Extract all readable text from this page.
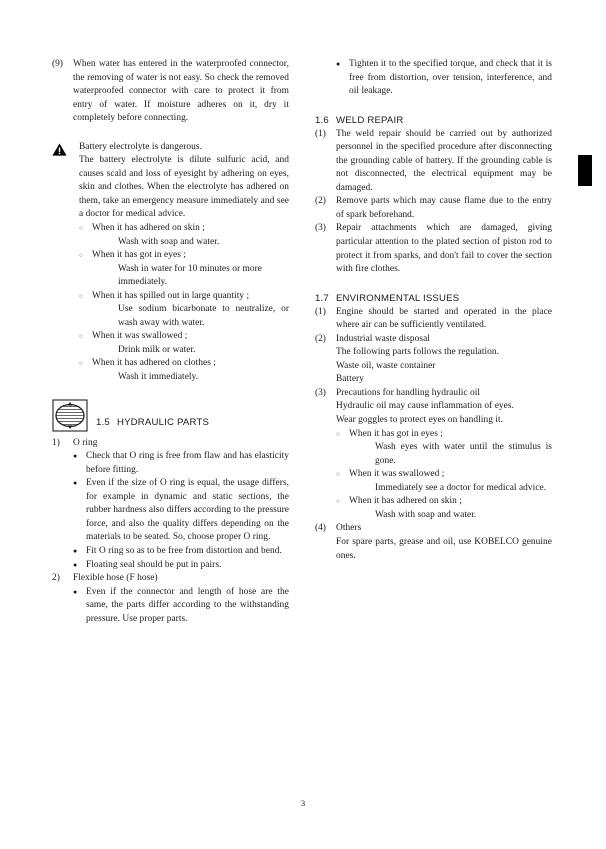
(9)	When water has entered in the waterproofed connector, the removing of water is not easy. So check the removed waterproofed connector with care to protect it from entry of water. If moisture adheres on it, dry it completely before connecting.

Battery electrolyte is dangerous.

The battery electrolyte is dilute sulfuric acid, and causes scald and loss of eyesight by adhering on eyes, skin and clothes. When the electrolyte has adhered on them, take an emergency measure immediately and see a doctor for medical advice.

○ When it has adhered on skin ;

Wash with soap and water.

○ When it has got in eyes ;

Wash in water for 10 minutes or more immediately.

○ When it has spilled out in large quantity ;

Use sodium bicarbonate to neutralize, or wash away with water.

○ When it was swallowed ;

Drink milk or water.

○ When it has adhered on clothes ;

Wash it immediately.

1.5 HYDRAULIC PARTS
1)	O ring

● Check that O ring is free from flaw and has elasticity before fitting.

● Even if the size of O ring is equal, the usage differs, for example in dynamic and static sections, the rubber hardness also differs according to the pressure force, and also the quality differs depending on the materials to be seated. So, choose proper O ring.

● Fit O ring so as to be free from distortion and bend.

● Floating seal should be put in pairs.

2)	Flexible hose (F hose)

● Even if the connector and length of hose are the same, the parts differ according to the withstanding pressure. Use proper parts.

● Tighten it to the specified torque, and check that it is free from distortion, over tension, interference, and oil leakage.

1.6 WELD REPAIR
(1)	The weld repair should be carried out by authorized personnel in the specified procedure after disconnecting the grounding cable of battery. If the grounding cable is not disconnected, the electrical equipment may be damaged.

(2)	Remove parts which may cause flame due to the entry of spark beforehand.

(3)	Repair attachments which are damaged, giving particular attention to the plated section of piston rod to protect it from sparks, and don't fail to cover the section with fire clothes.

1.7 ENVIRONMENTAL ISSUES
(1)	Engine should be started and operated in the place where air can be sufficiently ventilated.

(2)	Industrial waste disposal

The following parts follows the regulation.

Waste oil, waste container

Battery

(3)	Precautions for handling hydraulic oil

Hydraulic oil may cause inflammation of eyes.

Wear goggles to protect eyes on handling it.

○ When it has got in eyes ;

Wash eyes with water until the stimulus is gone.

○ When it was swallowed ;

Immediately see a doctor for medical advice.

○ When it has adhered on skin ;

Wash with soap and water.

(4)	Others

For spare parts, grease and oil, use KOBELCO genuine ones.

3
